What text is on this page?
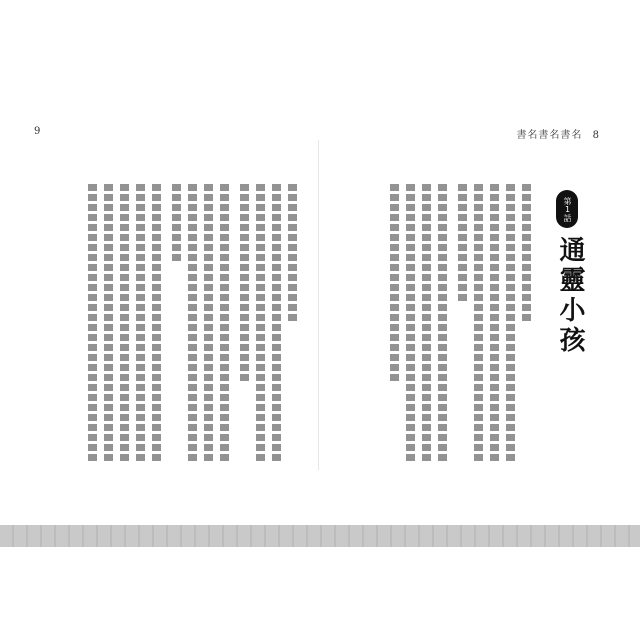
9	書名書名書名 8
第1話
通靈小孩
